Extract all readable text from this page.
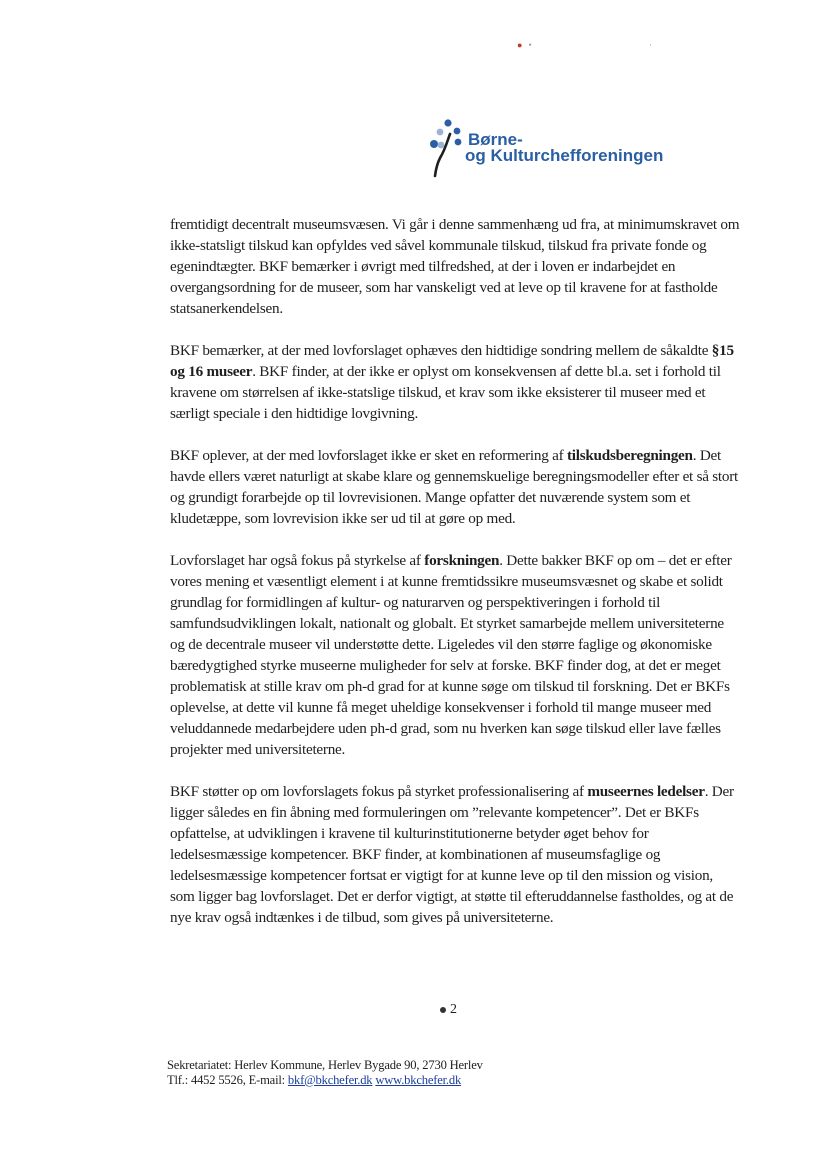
● •	·
Børne-
og Kulturchefforeningen

fremtidigt decentralt museumsvæsen. Vi går i denne sammenhæng ud fra, at minimumskravet om ikke-statsligt tilskud kan opfyldes ved såvel kommunale tilskud, tilskud fra private fonde og egenindtægter. BKF bemærker i øvrigt med tilfredshed, at der i loven er indarbejdet en overgangsordning for de museer, som har vanskeligt ved at leve op til kravene for at fastholde statsanerkendelsen.

BKF bemærker, at der med lovforslaget ophæves den hidtidige sondring mellem de såkaldte §15 og 16 museer. BKF finder, at der ikke er oplyst om konsekvensen af dette bl.a. set i forhold til kravene om størrelsen af ikke-statslige tilskud, et krav som ikke eksisterer til museer med et særligt speciale i den hidtidige lovgivning.

BKF oplever, at der med lovforslaget ikke er sket en reformering af tilskudsberegningen. Det havde ellers været naturligt at skabe klare og gennemskuelige beregningsmodeller efter et så stort og grundigt forarbejde op til lovrevisionen. Mange opfatter det nuværende system som et kludetæppe, som lovrevision ikke ser ud til at gøre op med.

Lovforslaget har også fokus på styrkelse af forskningen. Dette bakker BKF op om – det er efter vores mening et væsentligt element i at kunne fremtidssikre museumsvæsnet og skabe et solidt grundlag for formidlingen af kultur- og naturarven og perspektiveringen i forhold til samfundsudviklingen lokalt, nationalt og globalt. Et styrket samarbejde mellem universiteterne og de decentrale museer vil understøtte dette. Ligeledes vil den større faglige og økonomiske bæredygtighed styrke museerne muligheder for selv at forske. BKF finder dog, at det er meget problematisk at stille krav om ph-d grad for at kunne søge om tilskud til forskning. Det er BKFs oplevelse, at dette vil kunne få meget uheldige konsekvenser i forhold til mange museer med veluddannede medarbejdere uden ph-d grad, som nu hverken kan søge tilskud eller lave fælles projekter med universiteterne.

BKF støtter op om lovforslagets fokus på styrket professionalisering af museernes ledelser. Der ligger således en fin åbning med formuleringen om ”relevante kompetencer”. Det er BKFs opfattelse, at udviklingen i kravene til kulturinstitutionerne betyder øget behov for ledelsesmæssige kompetencer. BKF finder, at kombinationen af museumsfaglige og ledelsesmæssige kompetencer fortsat er vigtigt for at kunne leve op til den mission og vision, som ligger bag lovforslaget. Det er derfor vigtigt, at støtte til efteruddannelse fastholdes, og at de nye krav også indtænkes i de tilbud, som gives på universiteterne.

2
Sekretariatet: Herlev Kommune, Herlev Bygade 90, 2730 Herlev
Tlf.: 4452 5526, E-mail: bkf@bkchefer.dk www.bkchefer.dk
